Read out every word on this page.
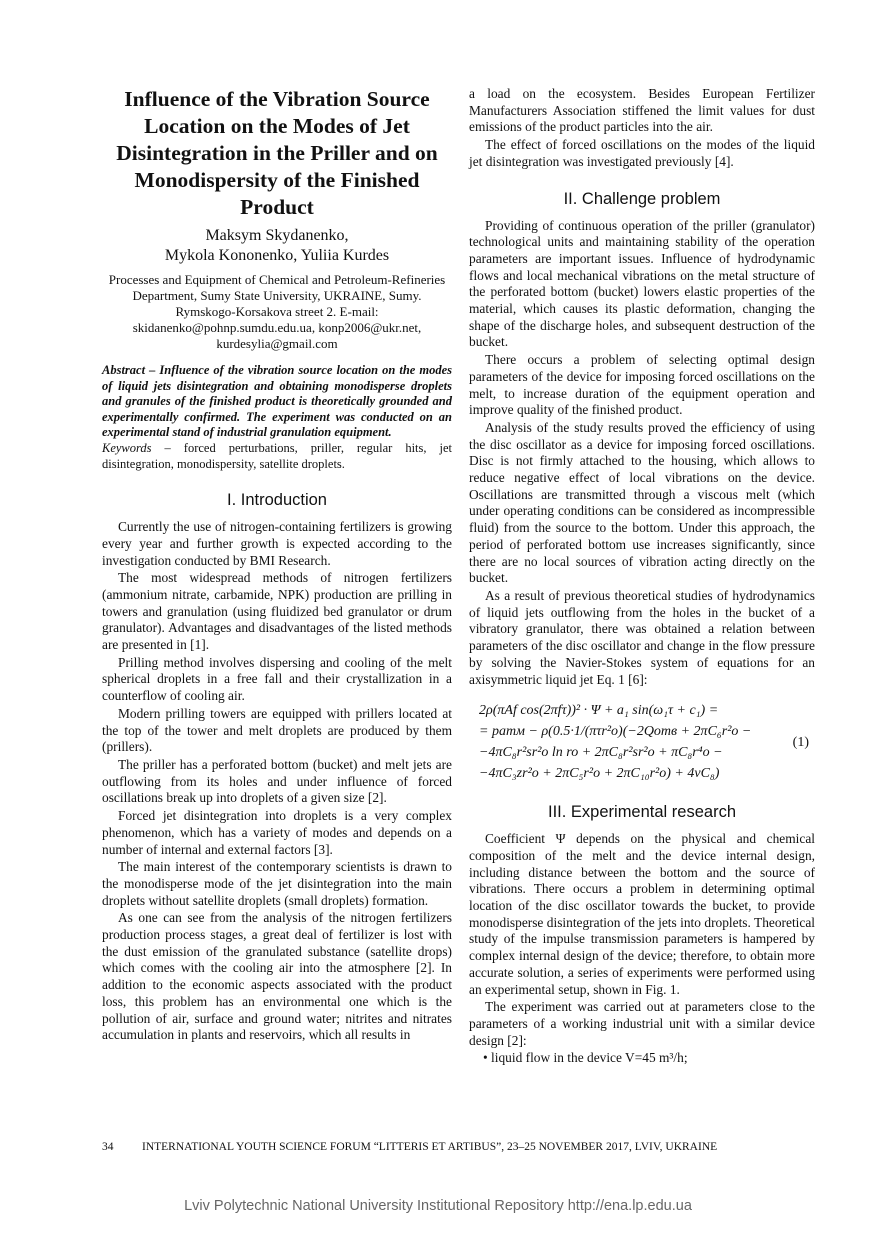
Influence of the Vibration Source Location on the Modes of Jet Disintegration in the Priller and on Monodispersity of the Finished Product
Maksym Skydanenko,
Mykola Kononenko, Yuliia Kurdes
Processes and Equipment of Chemical and Petroleum-Refineries Department, Sumy State University, UKRAINE, Sumy. Rymskogo-Korsakova street 2. E-mail: skidanenko@pohnp.sumdu.edu.ua, konp2006@ukr.net, kurdesylia@gmail.com
Abstract – Influence of the vibration source location on the modes of liquid jets disintegration and obtaining monodisperse droplets and granules of the finished product is theoretically grounded and experimentally confirmed. The experiment was conducted on an experimental stand of industrial granulation equipment.
Keywords – forced perturbations, priller, regular hits, jet disintegration, monodispersity, satellite droplets.
I. Introduction

Currently the use of nitrogen-containing fertilizers is growing every year and further growth is expected according to the investigation conducted by BMI Research.

The most widespread methods of nitrogen fertilizers (ammonium nitrate, carbamide, NPK) production are prilling in towers and granulation (using fluidized bed granulator or drum granulator). Advantages and disadvantages of the listed methods are presented in [1].

Prilling method involves dispersing and cooling of the melt spherical droplets in a free fall and their crystallization in a counterflow of cooling air.

Modern prilling towers are equipped with prillers located at the top of the tower and melt droplets are produced by them (prillers).

The priller has a perforated bottom (bucket) and melt jets are outflowing from its holes and under influence of forced oscillations break up into droplets of a given size [2].

Forced jet disintegration into droplets is a very complex phenomenon, which has a variety of modes and depends on a number of internal and external factors [3].

The main interest of the contemporary scientists is drawn to the monodisperse mode of the jet disintegration into the main droplets without satellite droplets (small droplets) formation.

As one can see from the analysis of the nitrogen fertilizers production process stages, a great deal of fertilizer is lost with the dust emission of the granulated substance (satellite drops) which comes with the cooling air into the atmosphere [2]. In addition to the economic aspects associated with the product loss, this problem has an environmental one which is the pollution of air, surface and ground water; nitrites and nitrates accumulation in plants and reservoirs, which all results in

a load on the ecosystem. Besides European Fertilizer Manufacturers Association stiffened the limit values for dust emissions of the product particles into the air.

The effect of forced oscillations on the modes of the liquid jet disintegration was investigated previously [4].

II. Challenge problem

Providing of continuous operation of the priller (granulator) technological units and maintaining stability of the operation parameters are important issues. Influence of hydrodynamic flows and local mechanical vibrations on the metal structure of the perforated bottom (bucket) lowers elastic properties of the material, which causes its plastic deformation, changing the shape of the discharge holes, and subsequent destruction of the bucket.

There occurs a problem of selecting optimal design parameters of the device for imposing forced oscillations on the melt, to increase duration of the equipment operation and improve quality of the finished product.

Analysis of the study results proved the efficiency of using the disc oscillator as a device for imposing forced oscillations. Disc is not firmly attached to the housing, which allows to reduce negative effect of local vibrations on the device. Oscillations are transmitted through a viscous melt (which under operating conditions can be considered as incompressible fluid) from the source to the bottom. Under this approach, the period of perforated bottom use increases significantly, since there are no local sources of vibration acting directly on the bucket.

As a result of previous theoretical studies of hydrodynamics of liquid jets outflowing from the holes in the bucket of a vibratory granulator, there was obtained a relation between parameters of the disc oscillator and change in the flow pressure by solving the Navier-Stokes system of equations for an axisymmetric liquid jet Eq. 1 [6]:

2ρ(πAf cos(2πfτ))² · Ψ + a₁ sin(ω₁τ + c₁) =
= pатм − ρ(0.5·1/(πτr²o)(−2Qотв + 2πC₆r²o −
−4πC₈r²sr²o ln ro + 2πC₈r²sr²o + πC₈r⁴o −
−4πC₃zr²o + 2πC₅r²o + 2πC₁₀r²o) + 4νC₈)
(1)
III. Experimental research

Coefficient Ψ depends on the physical and chemical composition of the melt and the device internal design, including distance between the bottom and the source of vibrations. There occurs a problem in determining optimal location of the disc oscillator towards the bucket, to provide monodisperse disintegration of the jets into droplets. Theoretical study of the impulse transmission parameters is hampered by complex internal design of the device; therefore, to obtain more accurate solution, a series of experiments were performed using an experimental setup, shown in Fig. 1.

The experiment was carried out at parameters close to the parameters of a working industrial unit with a similar device design [2]:

• liquid flow in the device V=45 m³/h;
34 INTERNATIONAL YOUTH SCIENCE FORUM “LITTERIS ET ARTIBUS”, 23–25 NOVEMBER 2017, LVIV, UKRAINE
Lviv Polytechnic National University Institutional Repository http://ena.lp.edu.ua
